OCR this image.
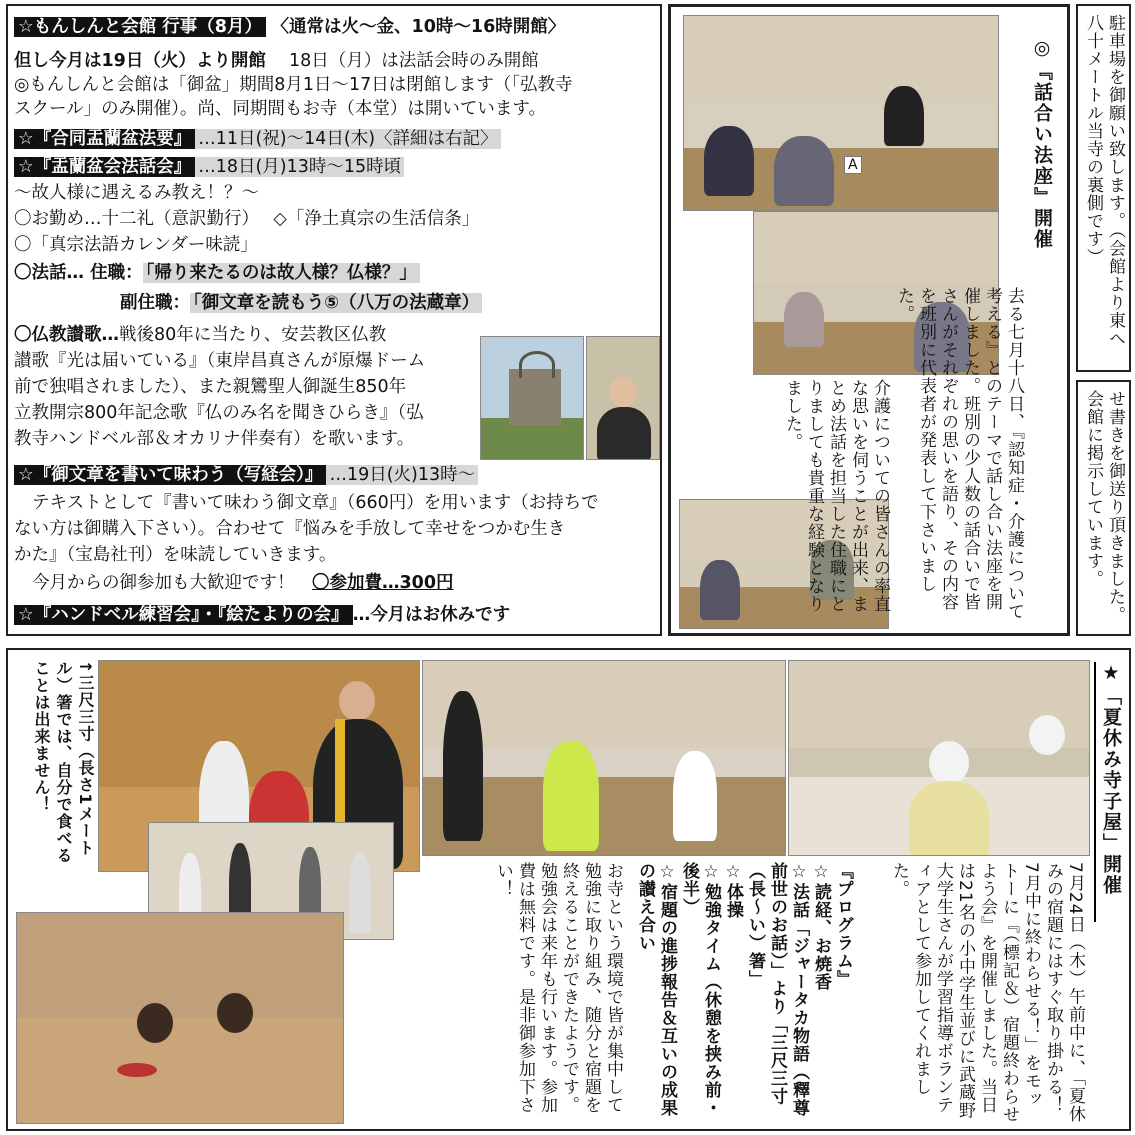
☆もんしんと会館 行事（8月） 〈通常は火～金、10時～16時開館〉
但し今月は19日（火）より開館　 18日（月）は法話会時のみ開館
◎もんしんと会館は「御盆」期間8月1日～17日は閉館します（「弘教寺
スクール」のみ開催）。尚、同期間もお寺（本堂）は開いています。
☆『合同盂蘭盆法要』 …11日(祝)～14日(木)〈詳細は右記〉
☆『盂蘭盆会法話会』 …18日(月)13時～15時頃
～故人様に遇えるみ教え！？～
〇お勤め…十二礼（意訳勤行）　 ◇「浄土真宗の生活信条」
〇「真宗法語カレンダー味読」
〇法話… 住職： 「帰り来たるのは故人様？仏様？」
副住職： 「御文章を読もう⑤（八万の法蔵章）
〇仏教讃歌…戦後80年に当たり、安芸教区仏教
讃歌『光は届いている』（東岸昌真さんが原爆ドーム
前で独唱されました）、また親鸞聖人御誕生850年
立教開宗800年記念歌『仏のみ名を聞きひらき』（弘
教寺ハンドベル部＆オカリナ伴奏有）を歌います。
☆『御文章を書いて味わう（写経会）』 …19日(火)13時～
テキストとして『書いて味わう御文章』（660円）を用います（お持ちで
ない方は御購入下さい）。合わせて『悩みを手放して幸せをつかむ生き
かた』（宝島社刊）を味読していきます。
今月からの御参加も大歓迎です！　 〇参加費…300円
☆『ハンドベル練習会』・『絵たよりの会』 …今月はお休みです
A	◎『話合い法座』開催
去る七月十八日、『認知症・介護について考える』とのテーマで話し合い法座を開催しました。班別の少人数の話合いで皆さんがそれぞれの思いを語り、その内容を班別に代表者が発表して下さいました。
介護についての皆さんの率直な思いを伺うことが出来、まとめ法話を担当した住職にとりましても貴重な経験となりました。
駐車場を御願い致します。（会館より東へ八十メートル当寺の裏側です）
せ書きを御送り頂きました。会館に掲示しています。
↑三尺三寸（長さ1メートル）箸では、自分で食べることは出来ません！	★「夏休み寺子屋」開催
7月24日（木）午前中に、「夏休みの宿題にはすぐ取り掛かる！7月中に終わらせる！」をモットーに『（標記＆）宿題終わらせよう会』を開催しました。当日は21名の小中学生並びに武蔵野大学生さんが学習指導ボランティアとして参加してくれました。
『プログラム』
☆読経、お焼香
☆法話「ジャータカ物語（釋尊前世のお話）」より「三尺三寸（長～い）箸」
☆体操
☆勉強タイム（休憩を挟み前・後半）
☆宿題の進捗報告＆互いの成果の讃え合い
お寺という環境で皆が集中して勉強に取り組み、随分と宿題を終えることができたようです。勉強会は来年も行います。参加費は無料です。是非御参加下さい！
